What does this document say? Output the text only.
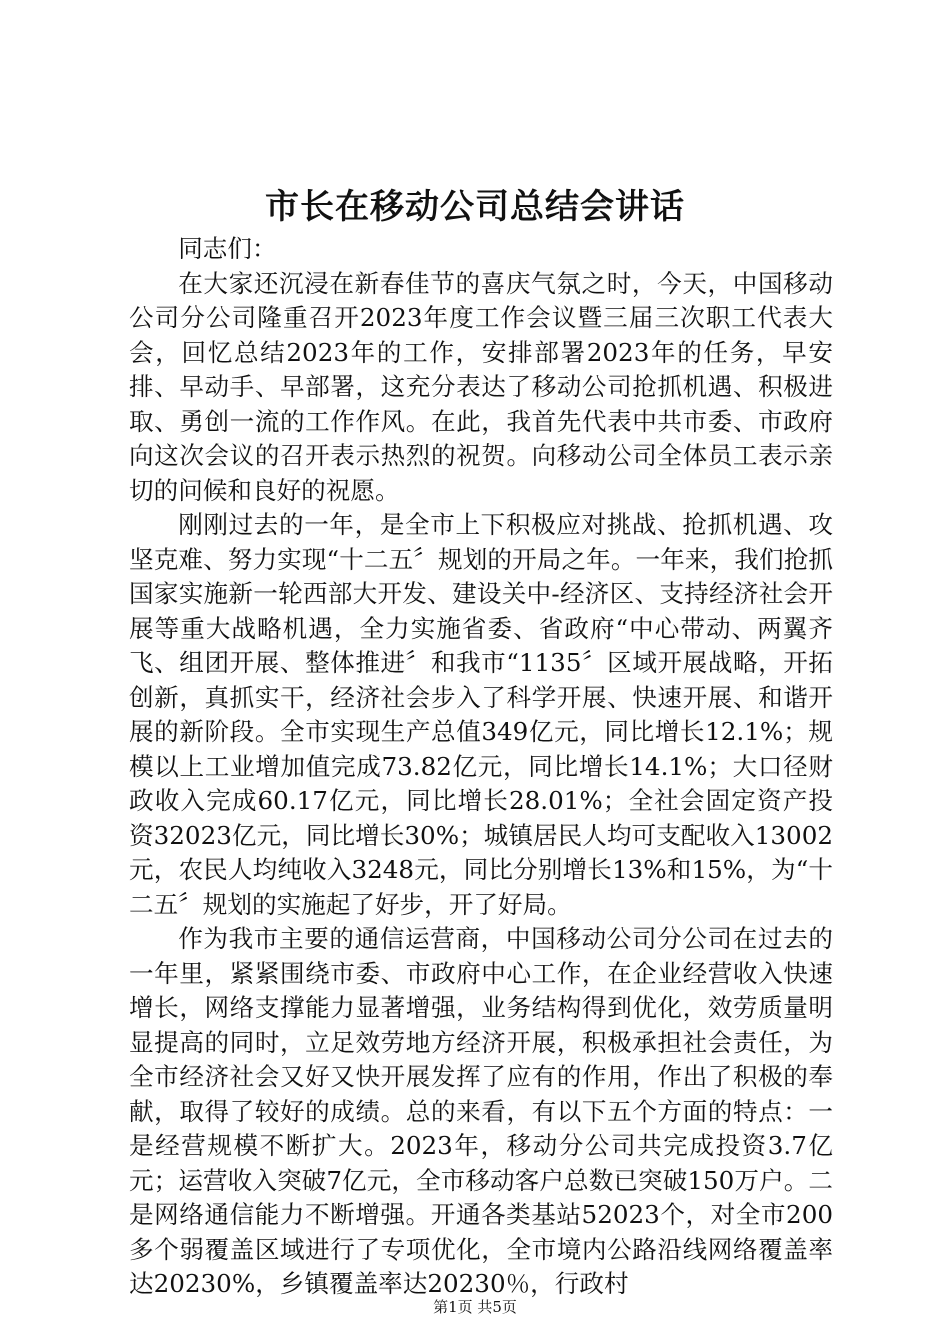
市长在移动公司总结会讲话

同志们：

在大家还沉浸在新春佳节的喜庆气氛之时，今天，中国移动公司分公司隆重召开2023年度工作会议暨三届三次职工代表大会，回忆总结2023年的工作，安排部署2023年的任务，早安排、早动手、早部署，这充分表达了移动公司抢抓机遇、积极进取、勇创一流的工作作风。在此，我首先代表中共市委、市政府向这次会议的召开表示热烈的祝贺。向移动公司全体员工表示亲切的问候和良好的祝愿。

刚刚过去的一年，是全市上下积极应对挑战、抢抓机遇、攻坚克难、努力实现“十二五〞规划的开局之年。一年来，我们抢抓国家实施新一轮西部大开发、建设关中-经济区、支持经济社会开展等重大战略机遇，全力实施省委、省政府“中心带动、两翼齐飞、组团开展、整体推进〞和我市“1135〞区域开展战略，开拓创新，真抓实干，经济社会步入了科学开展、快速开展、和谐开展的新阶段。全市实现生产总值349亿元，同比增长12.1%；规模以上工业增加值完成73.82亿元，同比增长14.1%；大口径财政收入完成60.17亿元，同比增长28.01%；全社会固定资产投资32023亿元，同比增长30%；城镇居民人均可支配收入13002元，农民人均纯收入3248元，同比分别增长13%和15%，为“十二五〞规划的实施起了好步，开了好局。

作为我市主要的通信运营商，中国移动公司分公司在过去的一年里，紧紧围绕市委、市政府中心工作，在企业经营收入快速增长，网络支撑能力显著增强，业务结构得到优化，效劳质量明显提高的同时，立足效劳地方经济开展，积极承担社会责任，为全市经济社会又好又快开展发挥了应有的作用，作出了积极的奉献，取得了较好的成绩。总的来看，有以下五个方面的特点：一是经营规模不断扩大。2023年，移动分公司共完成投资3.7亿元；运营收入突破7亿元，全市移动客户总数已突破150万户。二是网络通信能力不断增强。开通各类基站52023个，对全市200多个弱覆盖区域进行了专项优化，全市境内公路沿线网络覆盖率达20230%，乡镇覆盖率达20230％，行政村

第1页 共5页
